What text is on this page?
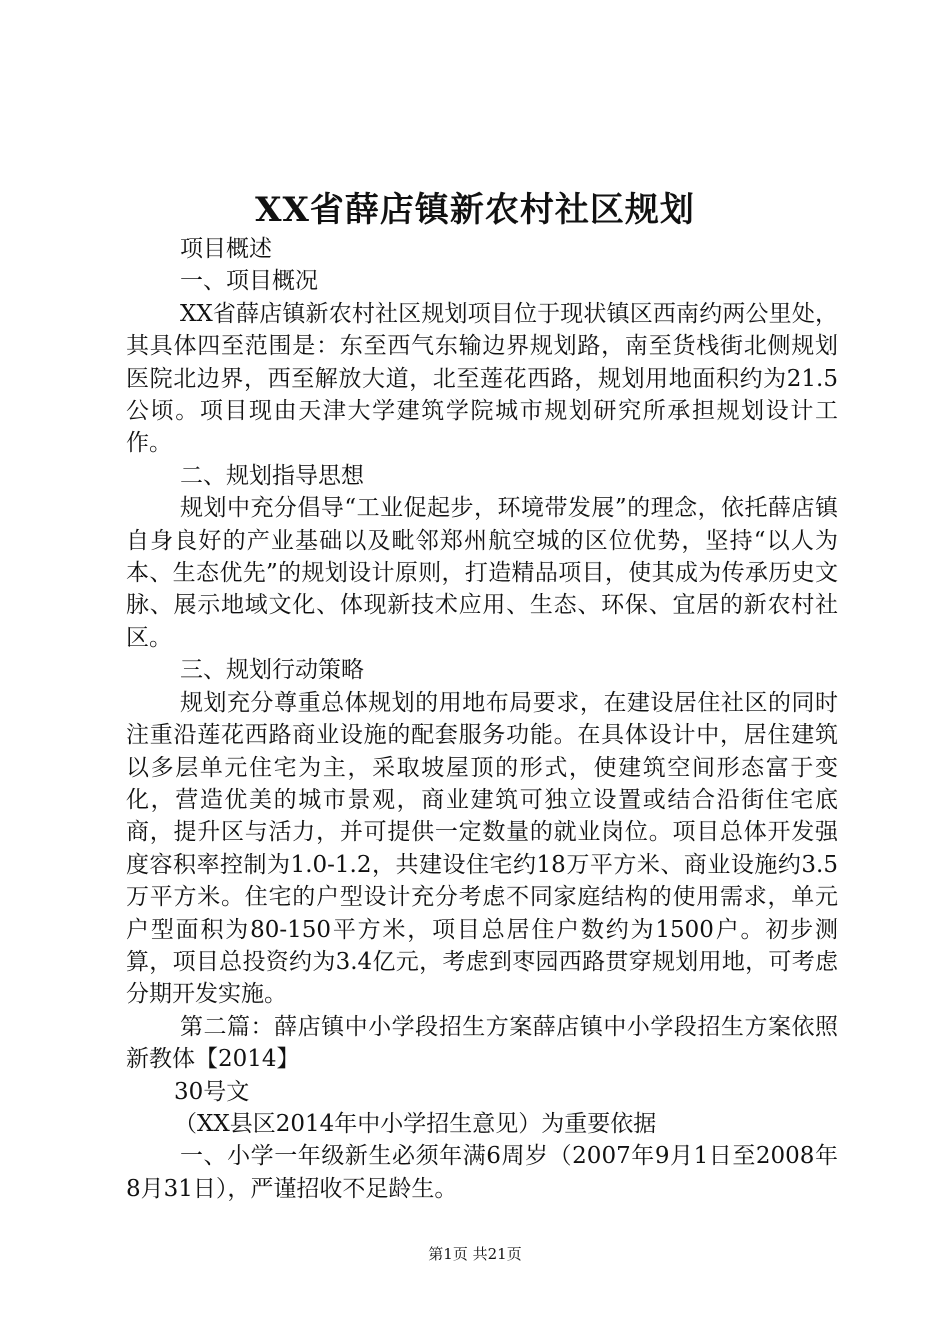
XX省薛店镇新农村社区规划

项目概述

一、项目概况

XX省薛店镇新农村社区规划项目位于现状镇区西南约两公里处，其具体四至范围是：东至西气东输边界规划路，南至货栈街北侧规划医院北边界，西至解放大道，北至莲花西路，规划用地面积约为21.5公顷。项目现由天津大学建筑学院城市规划研究所承担规划设计工作。

二、规划指导思想

规划中充分倡导“工业促起步，环境带发展”的理念，依托薛店镇自身良好的产业基础以及毗邻郑州航空城的区位优势，坚持“以人为本、生态优先”的规划设计原则，打造精品项目，使其成为传承历史文脉、展示地域文化、体现新技术应用、生态、环保、宜居的新农村社区。

三、规划行动策略

规划充分尊重总体规划的用地布局要求，在建设居住社区的同时注重沿莲花西路商业设施的配套服务功能。在具体设计中，居住建筑以多层单元住宅为主，采取坡屋顶的形式，使建筑空间形态富于变化，营造优美的城市景观，商业建筑可独立设置或结合沿街住宅底商，提升区与活力，并可提供一定数量的就业岗位。项目总体开发强度容积率控制为1.0-1.2，共建设住宅约18万平方米、商业设施约3.5万平方米。住宅的户型设计充分考虑不同家庭结构的使用需求，单元户型面积为80-150平方米，项目总居住户数约为1500户。初步测算，项目总投资约为3.4亿元，考虑到枣园西路贯穿规划用地，可考虑分期开发实施。

第二篇：薛店镇中小学段招生方案薛店镇中小学段招生方案依照新教体【2014】

30号文

（XX县区2014年中小学招生意见）为重要依据

一、小学一年级新生必须年满6周岁（2007年9月1日至2008年8月31日），严谨招收不足龄生。

第1页 共21页
